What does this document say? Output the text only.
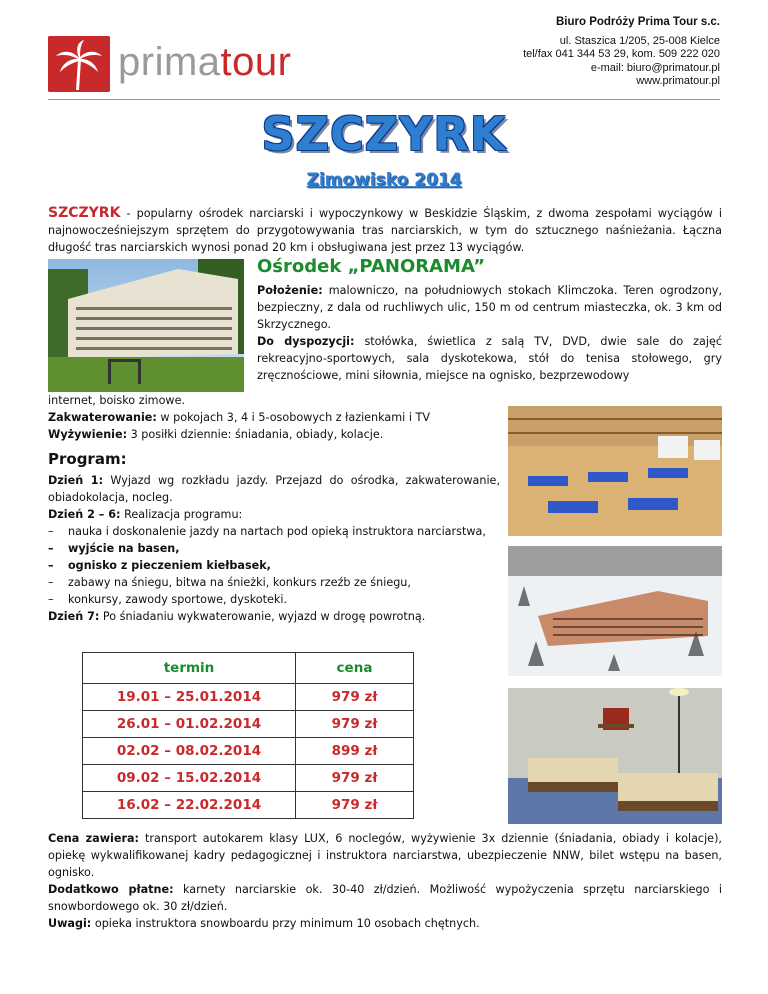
primatour
Biuro Podróży Prima Tour s.c.
ul. Staszica 1/205, 25-008 Kielce
tel/fax 041 344 53 29, kom. 509 222 020
e-mail: biuro@primatour.pl
www.primatour.pl
SZCZYRK
Zimowisko 2014
SZCZYRK - popularny ośrodek narciarski i wypoczynkowy w Beskidzie Śląskim, z dwoma zespołami wyciągów i najnowocześniejszym sprzętem do przygotowywania tras narciarskich, w tym do sztucznego naśnieżania. Łączna długość tras narciarskich wynosi ponad 20 km i obsługiwana jest przez 13 wyciągów.
Ośrodek „PANORAMA”
Położenie: malowniczo, na południowych stokach Klimczoka. Teren ogrodzony, bezpieczny, z dala od ruchliwych ulic, 150 m od centrum miasteczka, ok. 3 km od Skrzycznego.
Do dyspozycji: stołówka, świetlica z salą TV, DVD, dwie sale do zajęć rekreacyjno-sportowych, sala dyskotekowa, stół do tenisa stołowego, gry zręcznościowe, mini siłownia, miejsce na ognisko, bezprzewodowy
internet, boisko zimowe.
Zakwaterowanie: w pokojach 3, 4 i 5-osobowych z łazienkami i TV
Wyżywienie: 3 posiłki dziennie: śniadania, obiady, kolacje.
Program:
Dzień 1: Wyjazd wg rozkładu jazdy. Przejazd do ośrodka, zakwaterowanie, obiadokolacja, nocleg.
Dzień 2 – 6: Realizacja programu:
– nauka i doskonalenie jazdy na nartach pod opieką instruktora narciarstwa,
– wyjście na basen,
– ognisko z pieczeniem kiełbasek,
– zabawy na śniegu, bitwa na śnieżki, konkurs rzeźb ze śniegu,
– konkursy, zawody sportowe, dyskoteki.
Dzień 7: Po śniadaniu wykwaterowanie, wyjazd w drogę powrotną.
termin	cena
19.01 – 25.01.2014	979 zł
26.01 – 01.02.2014	979 zł
02.02 – 08.02.2014	899 zł
09.02 – 15.02.2014	979 zł
16.02 – 22.02.2014	979 zł
Cena zawiera: transport autokarem klasy LUX, 6 noclegów, wyżywienie 3x dziennie (śniadania, obiady i kolacje), opiekę wykwalifikowanej kadry pedagogicznej i instruktora narciarstwa, ubezpieczenie NNW, bilet wstępu na basen, ognisko.
Dodatkowo płatne: karnety narciarskie ok. 30-40 zł/dzień. Możliwość wypożyczenia sprzętu narciarskiego i snowbordowego ok. 30 zł/dzień.
Uwagi: opieka instruktora snowboardu przy minimum 10 osobach chętnych.
